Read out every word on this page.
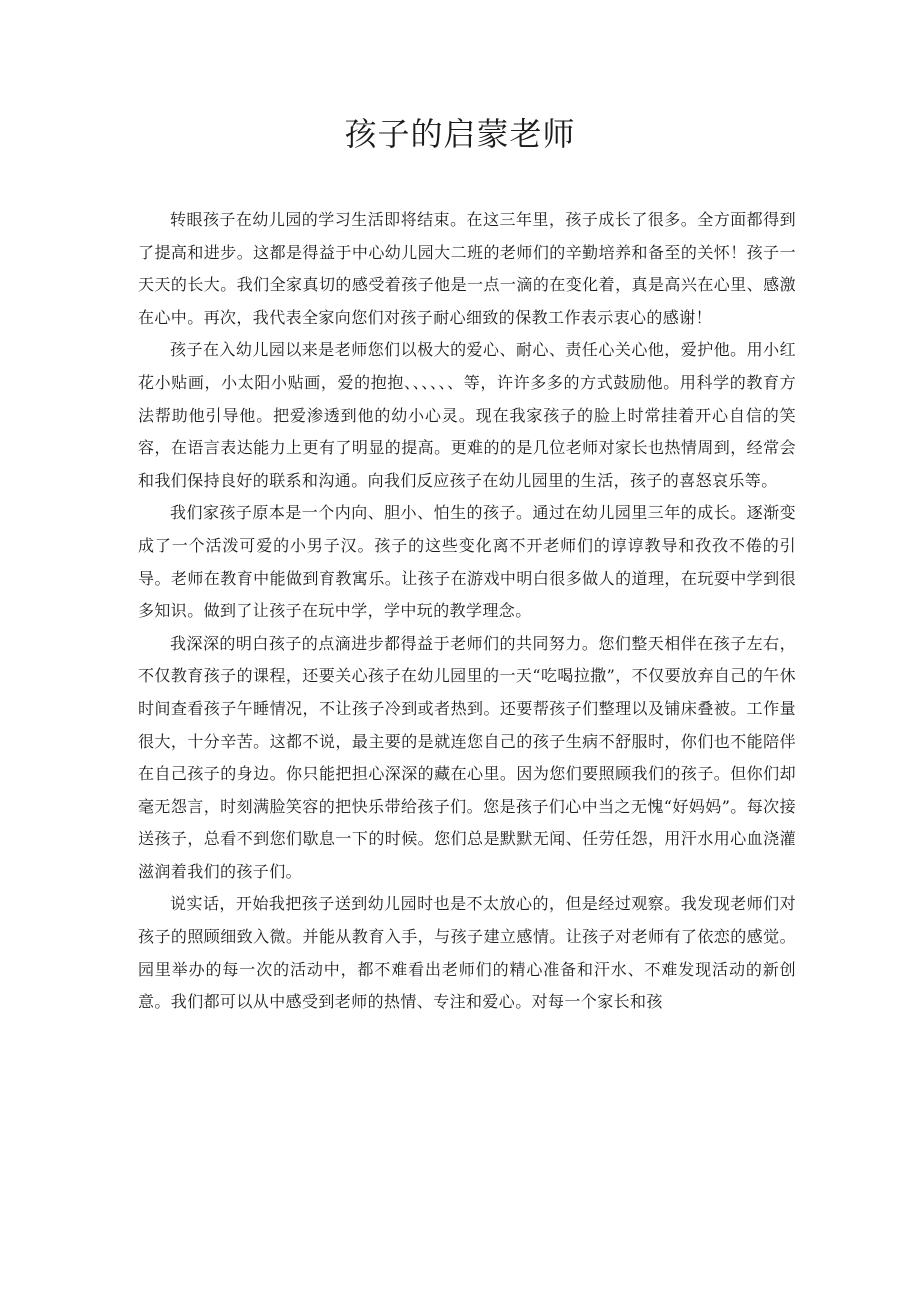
孩子的启蒙老师

转眼孩子在幼儿园的学习生活即将结束。在这三年里，孩子成长了很多。全方面都得到了提高和进步。这都是得益于中心幼儿园大二班的老师们的辛勤培养和备至的关怀！孩子一天天的长大。我们全家真切的感受着孩子他是一点一滴的在变化着，真是高兴在心里、感激在心中。再次，我代表全家向您们对孩子耐心细致的保教工作表示衷心的感谢！

孩子在入幼儿园以来是老师您们以极大的爱心、耐心、责任心关心他，爱护他。用小红花小贴画，小太阳小贴画，爱的抱抱、、、、、、等，许许多多的方式鼓励他。用科学的教育方法帮助他引导他。把爱渗透到他的幼小心灵。现在我家孩子的脸上时常挂着开心自信的笑容，在语言表达能力上更有了明显的提高。更难的的是几位老师对家长也热情周到，经常会和我们保持良好的联系和沟通。向我们反应孩子在幼儿园里的生活，孩子的喜怒哀乐等。

我们家孩子原本是一个内向、胆小、怕生的孩子。通过在幼儿园里三年的成长。逐渐变成了一个活泼可爱的小男子汉。孩子的这些变化离不开老师们的谆谆教导和孜孜不倦的引导。老师在教育中能做到育教寓乐。让孩子在游戏中明白很多做人的道理，在玩耍中学到很多知识。做到了让孩子在玩中学，学中玩的教学理念。

我深深的明白孩子的点滴进步都得益于老师们的共同努力。您们整天相伴在孩子左右，不仅教育孩子的课程，还要关心孩子在幼儿园里的一天“吃喝拉撒”，不仅要放弃自己的午休时间查看孩子午睡情况，不让孩子冷到或者热到。还要帮孩子们整理以及铺床叠被。工作量很大，十分辛苦。这都不说，最主要的是就连您自己的孩子生病不舒服时，你们也不能陪伴在自己孩子的身边。你只能把担心深深的藏在心里。因为您们要照顾我们的孩子。但你们却毫无怨言，时刻满脸笑容的把快乐带给孩子们。您是孩子们心中当之无愧“好妈妈”。每次接送孩子，总看不到您们歇息一下的时候。您们总是默默无闻、任劳任怨，用汗水用心血浇灌滋润着我们的孩子们。

说实话，开始我把孩子送到幼儿园时也是不太放心的，但是经过观察。我发现老师们对孩子的照顾细致入微。并能从教育入手，与孩子建立感情。让孩子对老师有了依恋的感觉。园里举办的每一次的活动中，都不难看出老师们的精心准备和汗水、不难发现活动的新创意。我们都可以从中感受到老师的热情、专注和爱心。对每一个家长和孩
